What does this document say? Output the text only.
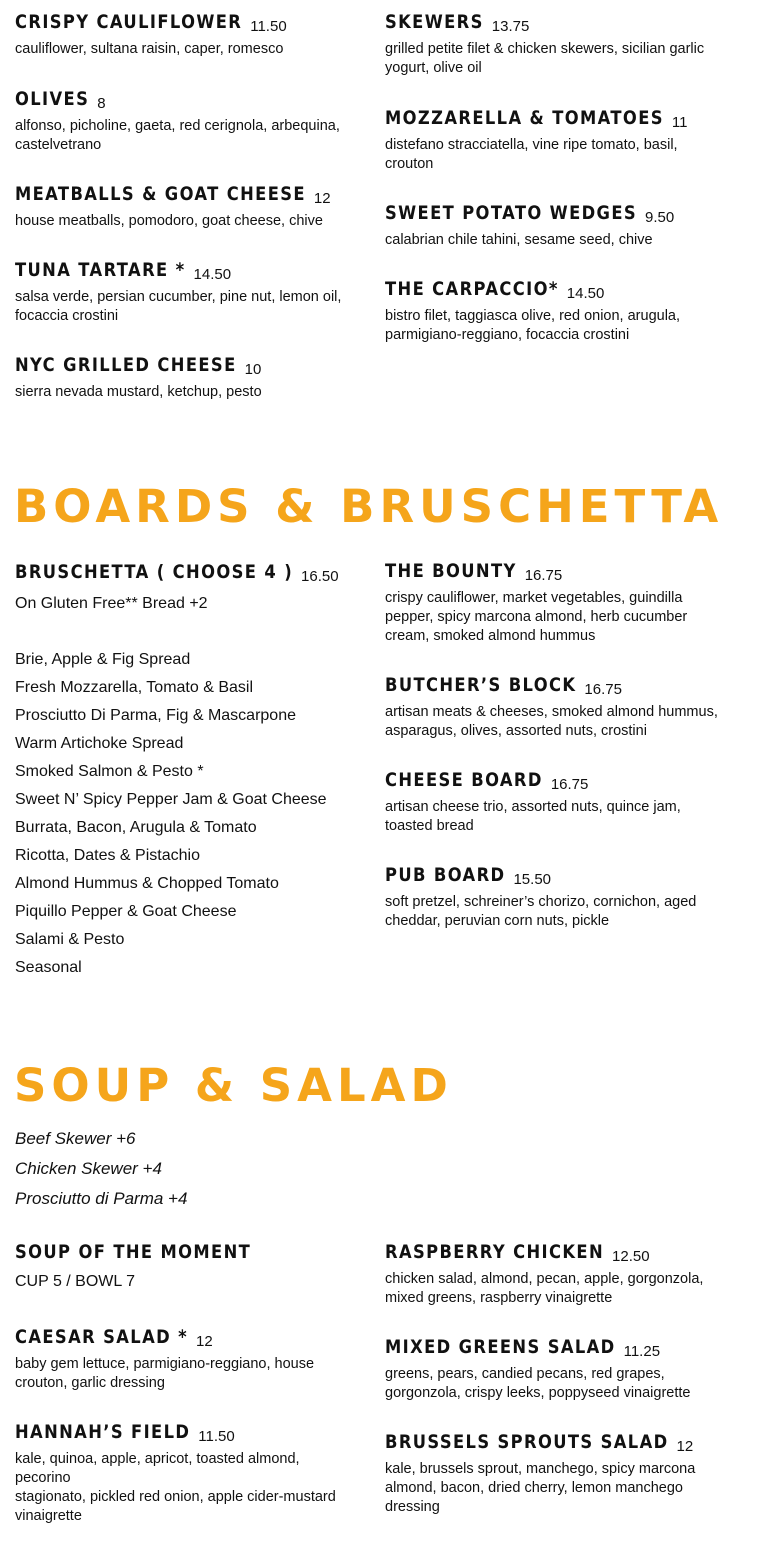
CRISPY CAULIFLOWER 11.50

cauliflower, sultana raisin, caper, romesco

OLIVES 8

alfonso, picholine, gaeta, red cerignola, arbequina, castelvetrano

MEATBALLS & GOAT CHEESE 12

house meatballs, pomodoro, goat cheese, chive

TUNA TARTARE * 14.50

salsa verde, persian cucumber, pine nut, lemon oil, focaccia crostini

NYC GRILLED CHEESE 10

sierra nevada mustard, ketchup, pesto

SKEWERS 13.75

grilled petite filet & chicken skewers, sicilian garlic yogurt, olive oil

MOZZARELLA & TOMATOES 11

distefano stracciatella, vine ripe tomato, basil, crouton

SWEET POTATO WEDGES 9.50

calabrian chile tahini, sesame seed, chive

THE CARPACCIO* 14.50

bistro filet, taggiasca olive, red onion, arugula, parmigiano-reggiano, focaccia crostini

BOARDS & BRUSCHETTA
BRUSCHETTA ( CHOOSE 4 ) 16.50

On Gluten Free** Bread +2

Brie, Apple & Fig Spread

Fresh Mozzarella, Tomato & Basil

Prosciutto Di Parma, Fig & Mascarpone

Warm Artichoke Spread

Smoked Salmon & Pesto *

Sweet N’ Spicy Pepper Jam & Goat Cheese

Burrata, Bacon, Arugula & Tomato

Ricotta, Dates & Pistachio

Almond Hummus & Chopped Tomato

Piquillo Pepper & Goat Cheese

Salami & Pesto

Seasonal

THE BOUNTY 16.75

crispy cauliflower, market vegetables, guindilla pepper, spicy marcona almond, herb cucumber cream, smoked almond hummus

BUTCHER’S BLOCK 16.75

artisan meats & cheeses, smoked almond hummus, asparagus, olives, assorted nuts, crostini

CHEESE BOARD 16.75

artisan cheese trio, assorted nuts, quince jam, toasted bread

PUB BOARD 15.50

soft pretzel, schreiner’s chorizo, cornichon, aged cheddar, peruvian corn nuts, pickle

SOUP & SALAD

Beef Skewer +6

Chicken Skewer +4

Prosciutto di Parma +4

SOUP OF THE MOMENT

CUP 5 / BOWL 7

CAESAR SALAD * 12

baby gem lettuce, parmigiano-reggiano, house crouton, garlic dressing

HANNAH’S FIELD 11.50

kale, quinoa, apple, apricot, toasted almond, pecorino

stagionato, pickled red onion, apple cider-mustard vinaigrette

RASPBERRY CHICKEN 12.50

chicken salad, almond, pecan, apple, gorgonzola, mixed greens, raspberry vinaigrette

MIXED GREENS SALAD 11.25

greens, pears, candied pecans, red grapes, gorgonzola, crispy leeks, poppyseed vinaigrette

BRUSSELS SPROUTS SALAD 12

kale, brussels sprout, manchego, spicy marcona almond, bacon, dried cherry, lemon manchego dressing
